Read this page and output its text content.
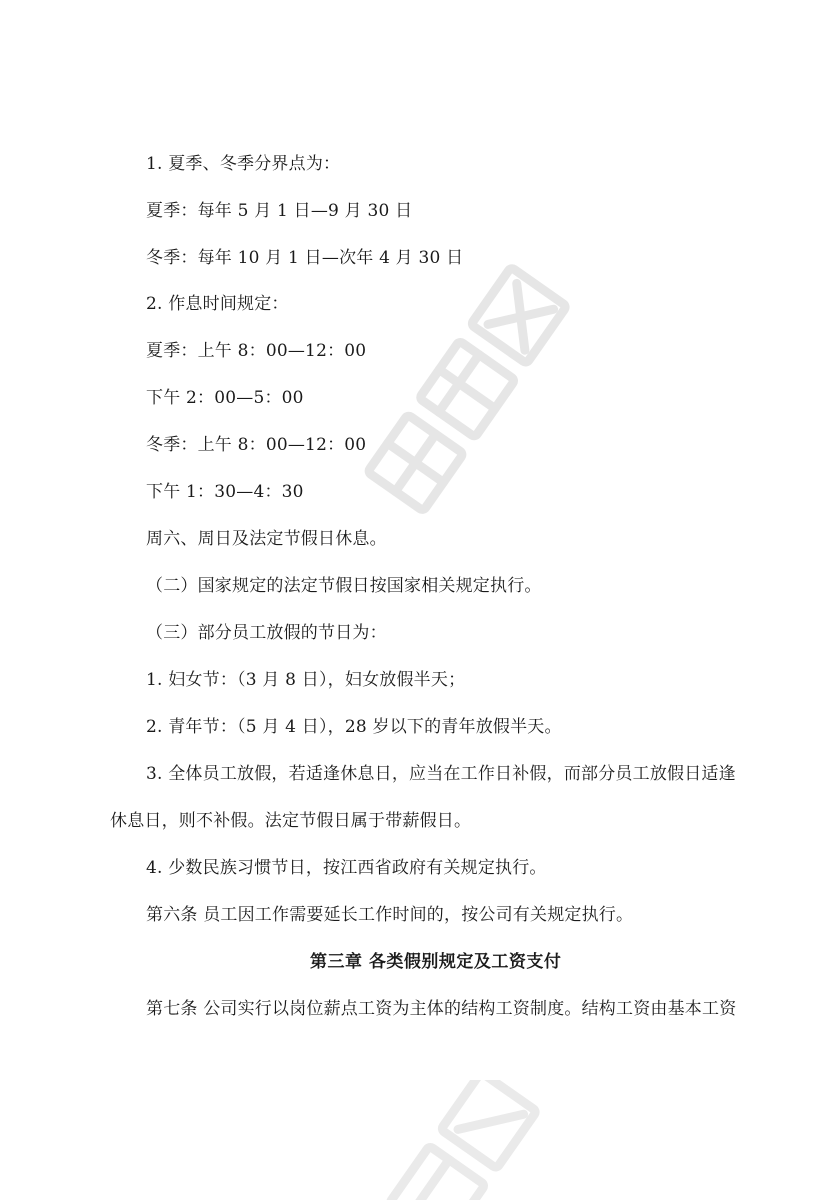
1. 夏季、冬季分界点为：
夏季：每年 5 月 1 日—9 月 30 日
冬季：每年 10 月 1 日—次年 4 月 30 日
2. 作息时间规定：
夏季：上午 8：00—12：00
下午 2：00—5：00
冬季：上午 8：00—12：00
下午 1：30—4：30
周六、周日及法定节假日休息。
（二）国家规定的法定节假日按国家相关规定执行。
（三）部分员工放假的节日为：
1. 妇女节：（3 月 8 日），妇女放假半天；
2. 青年节：（5 月 4 日），28 岁以下的青年放假半天。
3. 全体员工放假，若适逢休息日，应当在工作日补假，而部分员工放假日适逢
休息日，则不补假。法定节假日属于带薪假日。
4. 少数民族习惯节日，按江西省政府有关规定执行。
第六条 员工因工作需要延长工作时间的，按公司有关规定执行。
第三章 各类假别规定及工资支付
第七条 公司实行以岗位薪点工资为主体的结构工资制度。结构工资由基本工资
